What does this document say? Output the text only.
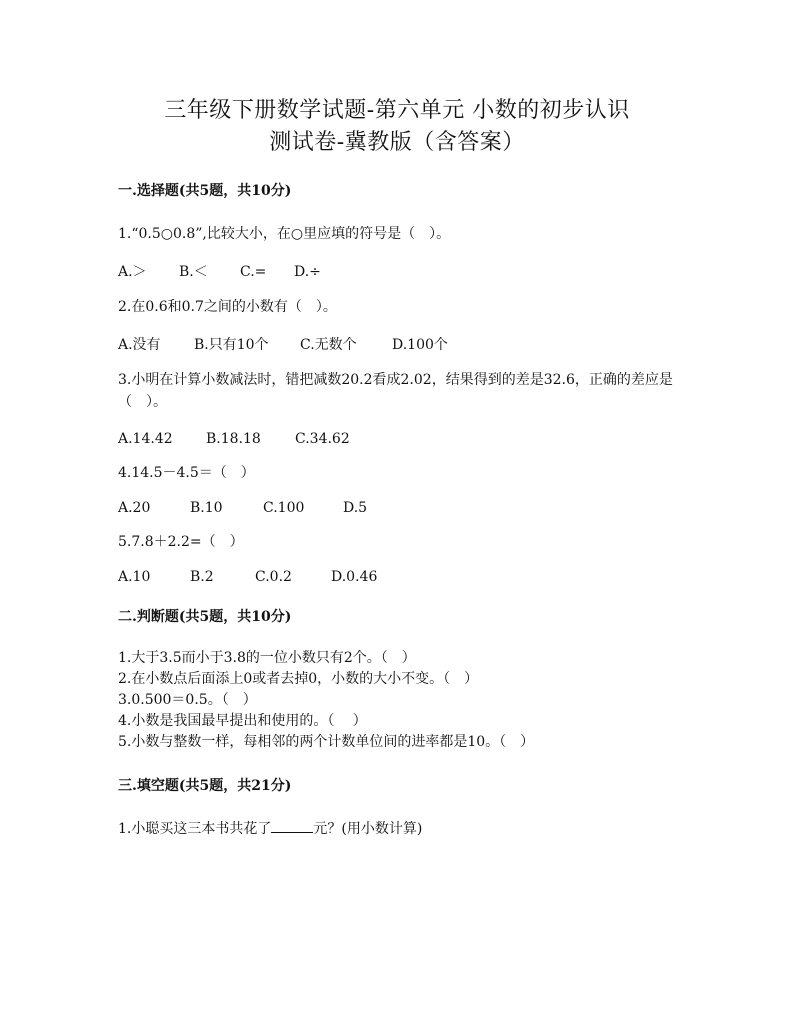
三年级下册数学试题-第六单元 小数的初步认识
测试卷-冀教版（含答案）
一.选择题(共5题，共10分)
1.“0.5○0.8”,比较大小，在○里应填的符号是（　）。
A.＞ B.＜ C.= D.÷
2.在0.6和0.7之间的小数有（　）。
A.没有 B.只有10个 C.无数个	D.100个
3.小明在计算小数减法时，错把减数20.2看成2.02，结果得到的差是32.6，正确的差应是（　）。
A.14.42 B.18.18 C.34.62
4.14.5－4.5＝（　）
A.20	B.10	C.100	D.5
5.7.8＋2.2=（　）
A.10	B.2	C.0.2	D.0.46
二.判断题(共5题，共10分)
1.大于3.5而小于3.8的一位小数只有2个。（　）
2.在小数点后面添上0或者去掉0，小数的大小不变。（　）
3.0.500＝0.5。（　）
4.小数是我国最早提出和使用的。（　 ）
5.小数与整数一样，每相邻的两个计数单位间的进率都是10。（　）
三.填空题(共5题，共21分)
1.小聪买这三本书共花了	元？(用小数计算)
